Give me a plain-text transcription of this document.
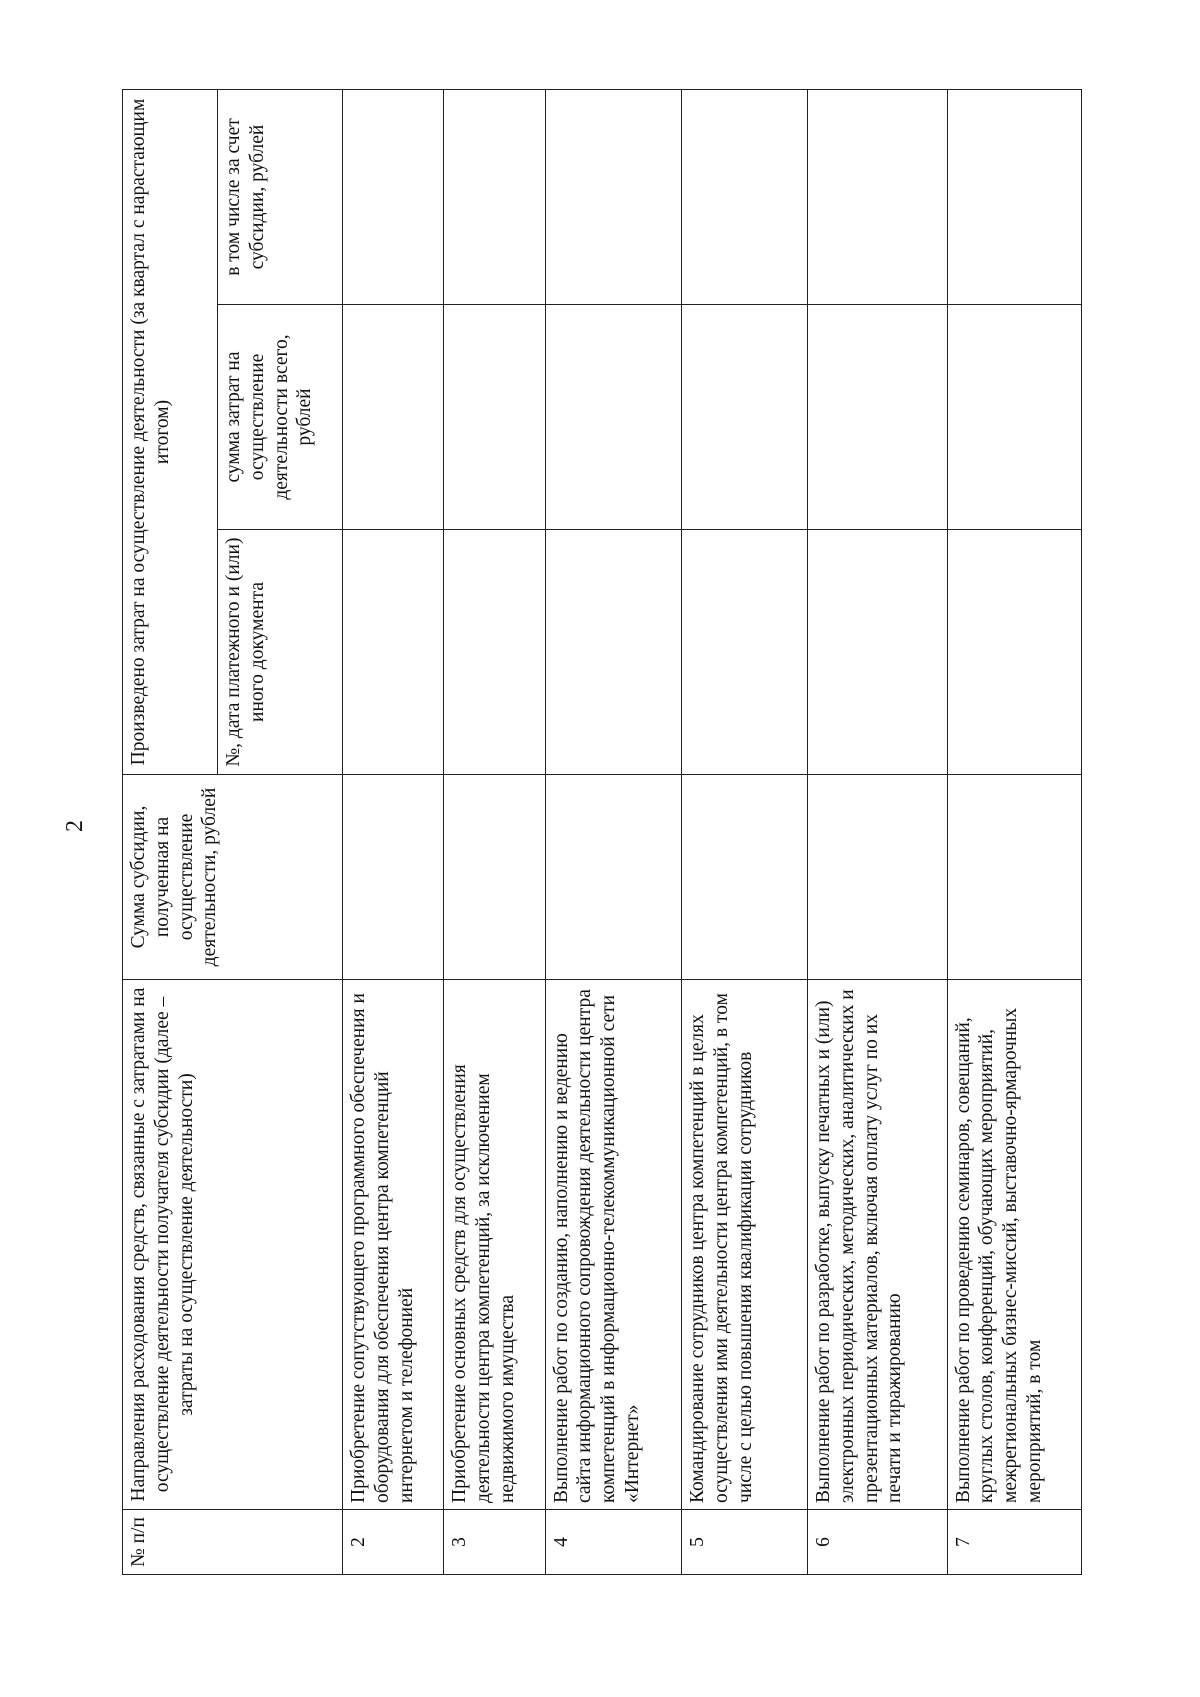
2
№ п/п	Направления расходования средств, связанные с затратами на осуществление деятельности получателя субсидии (далее – затраты на осуществление деятельности)	Сумма субсидии, полученная на осуществление деятельности, рублей	Произведено затрат на осуществление деятельности (за квартал с нарастающим итогом)		
			№, дата платежного и (или) иного документа	сумма затрат на осуществление деятельности всего, рублей	в том числе за счет субсидии, рублей
2	Приобретение сопутствующего программного обеспечения и оборудования для обеспечения центра компетенций интернетом и телефонией				
3	Приобретение основных средств для осуществления деятельности центра компетенций, за исключением недвижимого имущества				
4	Выполнение работ по созданию, наполнению и ведению сайта информационного сопровождения деятельности центра компетенций в информационно-телекоммуникационной сети «Интернет»				
5	Командирование сотрудников центра компетенций в целях осуществления ими деятельности центра компетенций, в том числе с целью повышения квалификации сотрудников				
6	Выполнение работ по разработке, выпуску печатных и (или) электронных периодических, методических, аналитических и презентационных материалов, включая оплату услуг по их печати и тиражированию				
7	Выполнение работ по проведению семинаров, совещаний, круглых столов, конференций, обучающих мероприятий, межрегиональных бизнес-миссий, выставочно-ярмарочных мероприятий, в том				
